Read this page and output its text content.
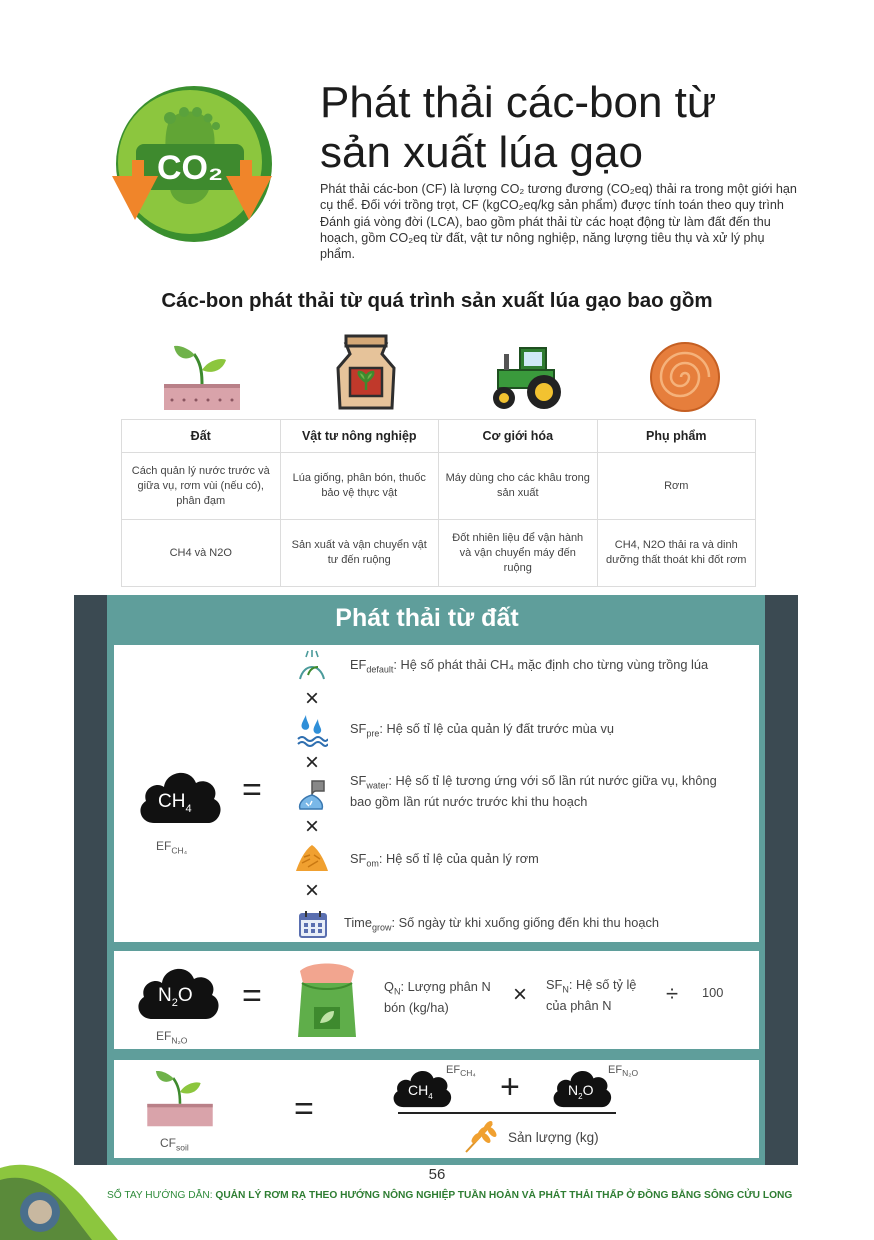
CO₂
Phát thải các-bon từ
sản xuất lúa gạo

Phát thải các-bon (CF) là lượng CO₂ tương đương (CO₂eq) thải ra trong một giới hạn cụ thể. Đối với trồng trọt, CF (kgCO₂eq/kg sản phẩm) được tính toán theo quy trình Đánh giá vòng đời (LCA), bao gồm phát thải từ các hoạt động từ làm đất đến thu hoạch, gồm CO₂eq từ đất, vật tư nông nghiệp, năng lượng tiêu thụ và xử lý phụ phẩm.

Các-bon phát thải từ quá trình sản xuất lúa gạo bao gồm
Đất	Vật tư nông nghiệp	Cơ giới hóa	Phụ phẩm
Cách quản lý nước trước và giữa vụ, rơm vùi (nếu có), phân đạm	Lúa giống, phân bón, thuốc bảo vệ thực vật	Máy dùng cho các khâu trong sản xuất	Rơm
CH4 và N2O	Sản xuất và vận chuyển vật tư đến ruộng	Đốt nhiên liệu để vận hành và vận chuyển máy đến ruộng	CH4, N2O thải ra và dinh dưỡng thất thoát khi đốt rơm
Phát thải từ đất
$CH_4$
$EF_{CH_4}$
=
×
×
×
×
$EF_{default}$: Hệ số phát thải CH₄ mặc định cho từng vùng trồng lúa
$SF_{pre}$: Hệ số tỉ lệ của quản lý đất trước mùa vụ
$SF_{water}$: Hệ số tỉ lệ tương ứng với số lần rút nước giữa vụ, không bao gồm lần rút nước trước khi thu hoạch
$SF_{om}$: Hệ số tỉ lệ của quản lý rơm
Time$_{grow}$: Số ngày từ khi xuống giống đến khi thu hoạch
$N_2O$
$EF_{N_2O}$
=	$Q_N$: Lượng phân N bón (kg/ha)	×	$SF_N$: Hệ số tỷ lệ của phân N	÷ 100
$CF_{soil}$
=	$CH_4$
$EF_{CH_4}$ +	$N_2O$
$EF_{N_2O}$
Sản lượng (kg)
56
SỔ TAY HƯỚNG DẪN: QUẢN LÝ RƠM RẠ THEO HƯỚNG NÔNG NGHIỆP TUẦN HOÀN VÀ PHÁT THẢI THẤP Ở ĐỒNG BẰNG SÔNG CỬU LONG
